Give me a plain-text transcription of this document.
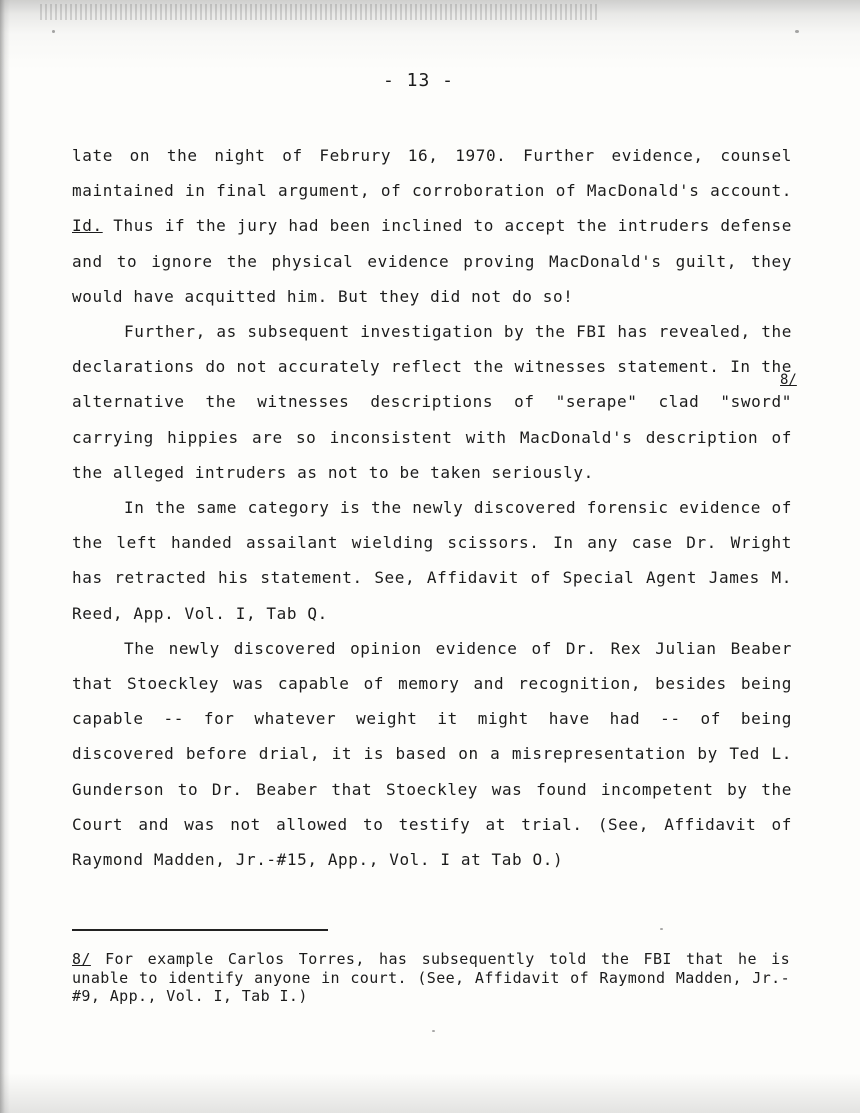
- 13 -

late on the night of Februry 16, 1970. Further evidence, counsel maintained in final argument, of corroboration of MacDonald's account. Id. Thus if the jury had been inclined to accept the intruders defense and to ignore the physical evidence proving MacDonald's guilt, they would have acquitted him. But they did not do so!

Further, as subsequent investigation by the FBI has revealed, the declarations do not accurately reflect the witnesses statement. In the alternative the witnesses descriptions of "serape" clad "sword" carrying hippies are so inconsistent with MacDonald's description of the alleged intruders as not to be taken seriously.

In the same category is the newly discovered forensic evidence of the left handed assailant wielding scissors. In any case Dr. Wright has retracted his statement. See, Affidavit of Special Agent James M. Reed, App. Vol. I, Tab Q.

The newly discovered opinion evidence of Dr. Rex Julian Beaber that Stoeckley was capable of memory and recognition, besides being capable -- for whatever weight it might have had -- of being discovered before drial, it is based on a misrepresentation by Ted L. Gunderson to Dr. Beaber that Stoeckley was found incompetent by the Court and was not allowed to testify at trial. (See, Affidavit of Raymond Madden, Jr.-#15, App., Vol. I at Tab O.)

8/

8/ For example Carlos Torres, has subsequently told the FBI that he is unable to identify anyone in court. (See, Affidavit of Raymond Madden, Jr.-#9, App., Vol. I, Tab I.)
